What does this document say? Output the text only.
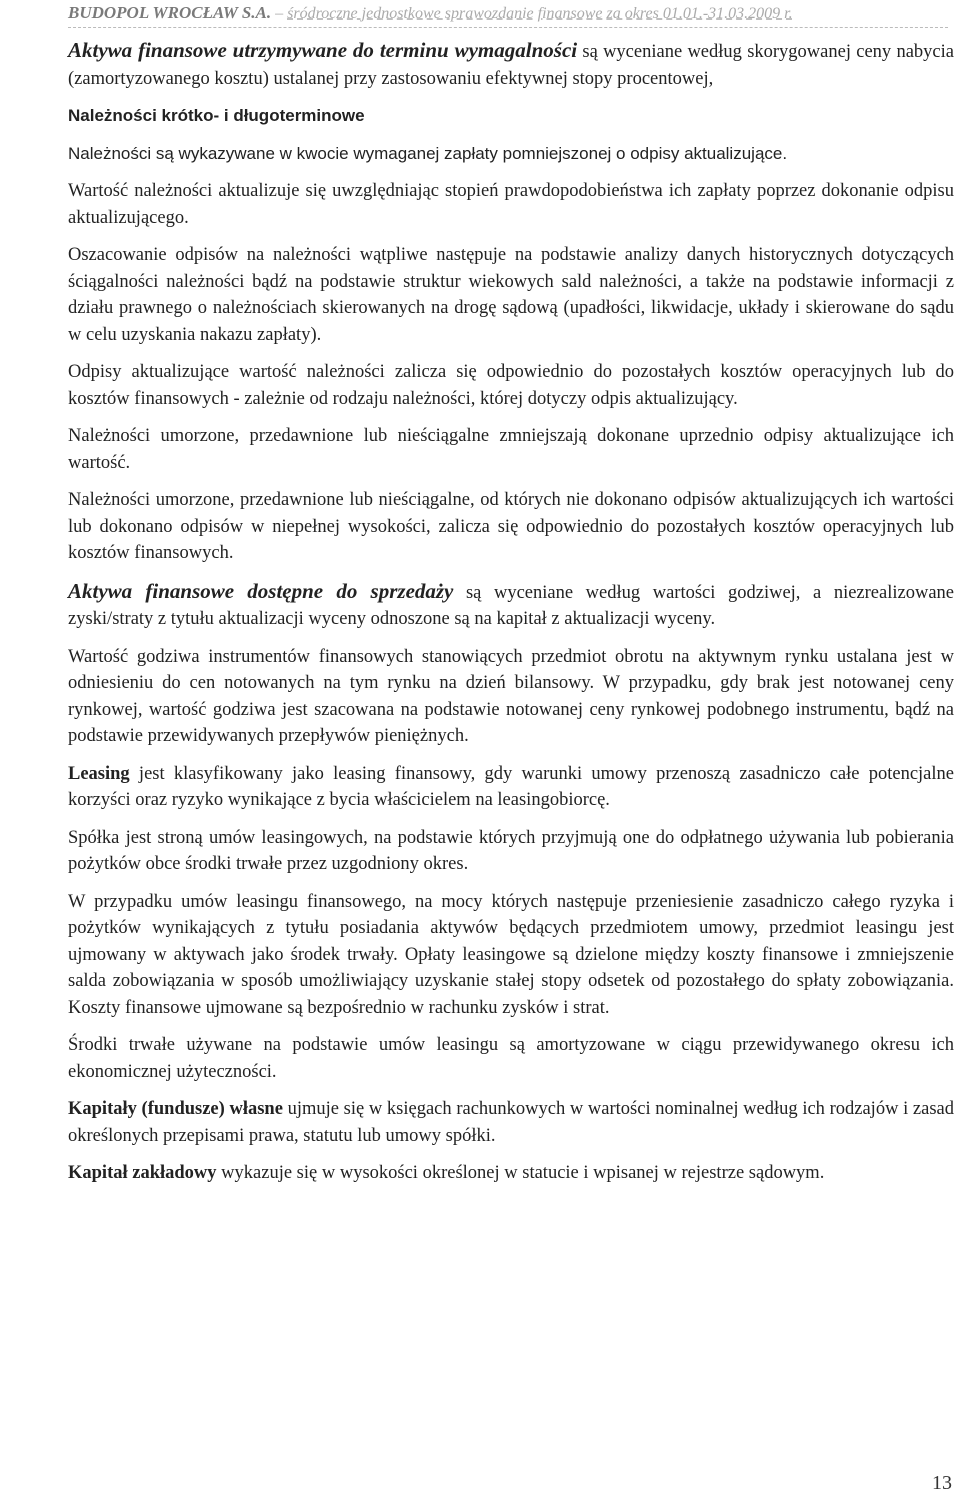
BUDOPOL WROCŁAW S.A. – śródroczne jednostkowe sprawozdanie finansowe za okres 01.01.-31.03.2009 r.

Aktywa finansowe utrzymywane do terminu wymagalności są wyceniane według skorygowanej ceny nabycia (zamortyzowanego kosztu) ustalanej przy zastosowaniu efektywnej stopy procentowej,

Należności krótko- i długoterminowe

Należności są wykazywane w kwocie wymaganej zapłaty pomniejszonej o odpisy aktualizujące.

Wartość należności aktualizuje się uwzględniając stopień prawdopodobieństwa ich zapłaty poprzez dokonanie odpisu aktualizującego.

Oszacowanie odpisów na należności wątpliwe następuje na podstawie analizy danych historycznych dotyczących ściągalności należności bądź na podstawie struktur wiekowych sald należności, a także na podstawie informacji z działu prawnego o należnościach skierowanych na drogę sądową (upadłości, likwidacje, układy i skierowane do sądu w celu uzyskania nakazu zapłaty).

Odpisy aktualizujące wartość należności zalicza się odpowiednio do pozostałych kosztów operacyjnych lub do kosztów finansowych - zależnie od rodzaju należności, której dotyczy odpis aktualizujący.

Należności umorzone, przedawnione lub nieściągalne zmniejszają dokonane uprzednio odpisy aktualizujące ich wartość.

Należności umorzone, przedawnione lub nieściągalne, od których nie dokonano odpisów aktualizujących ich wartości lub dokonano odpisów w niepełnej wysokości, zalicza się odpowiednio do pozostałych kosztów operacyjnych lub kosztów finansowych.

Aktywa finansowe dostępne do sprzedaży są wyceniane według wartości godziwej, a niezrealizowane zyski/straty z tytułu aktualizacji wyceny odnoszone są na kapitał z aktualizacji wyceny.

Wartość godziwa instrumentów finansowych stanowiących przedmiot obrotu na aktywnym rynku ustalana jest w odniesieniu do cen notowanych na tym rynku na dzień bilansowy. W przypadku, gdy brak jest notowanej ceny rynkowej, wartość godziwa jest szacowana na podstawie notowanej ceny rynkowej podobnego instrumentu, bądź na podstawie przewidywanych przepływów pieniężnych.

Leasing jest klasyfikowany jako leasing finansowy, gdy warunki umowy przenoszą zasadniczo całe potencjalne korzyści oraz ryzyko wynikające z bycia właścicielem na leasingobiorcę.

Spółka jest stroną umów leasingowych, na podstawie których przyjmują one do odpłatnego używania lub pobierania pożytków obce środki trwałe przez uzgodniony okres.

W przypadku umów leasingu finansowego, na mocy których następuje przeniesienie zasadniczo całego ryzyka i pożytków wynikających z tytułu posiadania aktywów będących przedmiotem umowy, przedmiot leasingu jest ujmowany w aktywach jako środek trwały. Opłaty leasingowe są dzielone między koszty finansowe i zmniejszenie salda zobowiązania w sposób umożliwiający uzyskanie stałej stopy odsetek od pozostałego do spłaty zobowiązania. Koszty finansowe ujmowane są bezpośrednio w rachunku zysków i strat.

Środki trwałe używane na podstawie umów leasingu są amortyzowane w ciągu przewidywanego okresu ich ekonomicznej użyteczności.

Kapitały (fundusze) własne ujmuje się w księgach rachunkowych w wartości nominalnej według ich rodzajów i zasad określonych przepisami prawa, statutu lub umowy spółki.

Kapitał zakładowy wykazuje się w wysokości określonej w statucie i wpisanej w rejestrze sądowym.

13
